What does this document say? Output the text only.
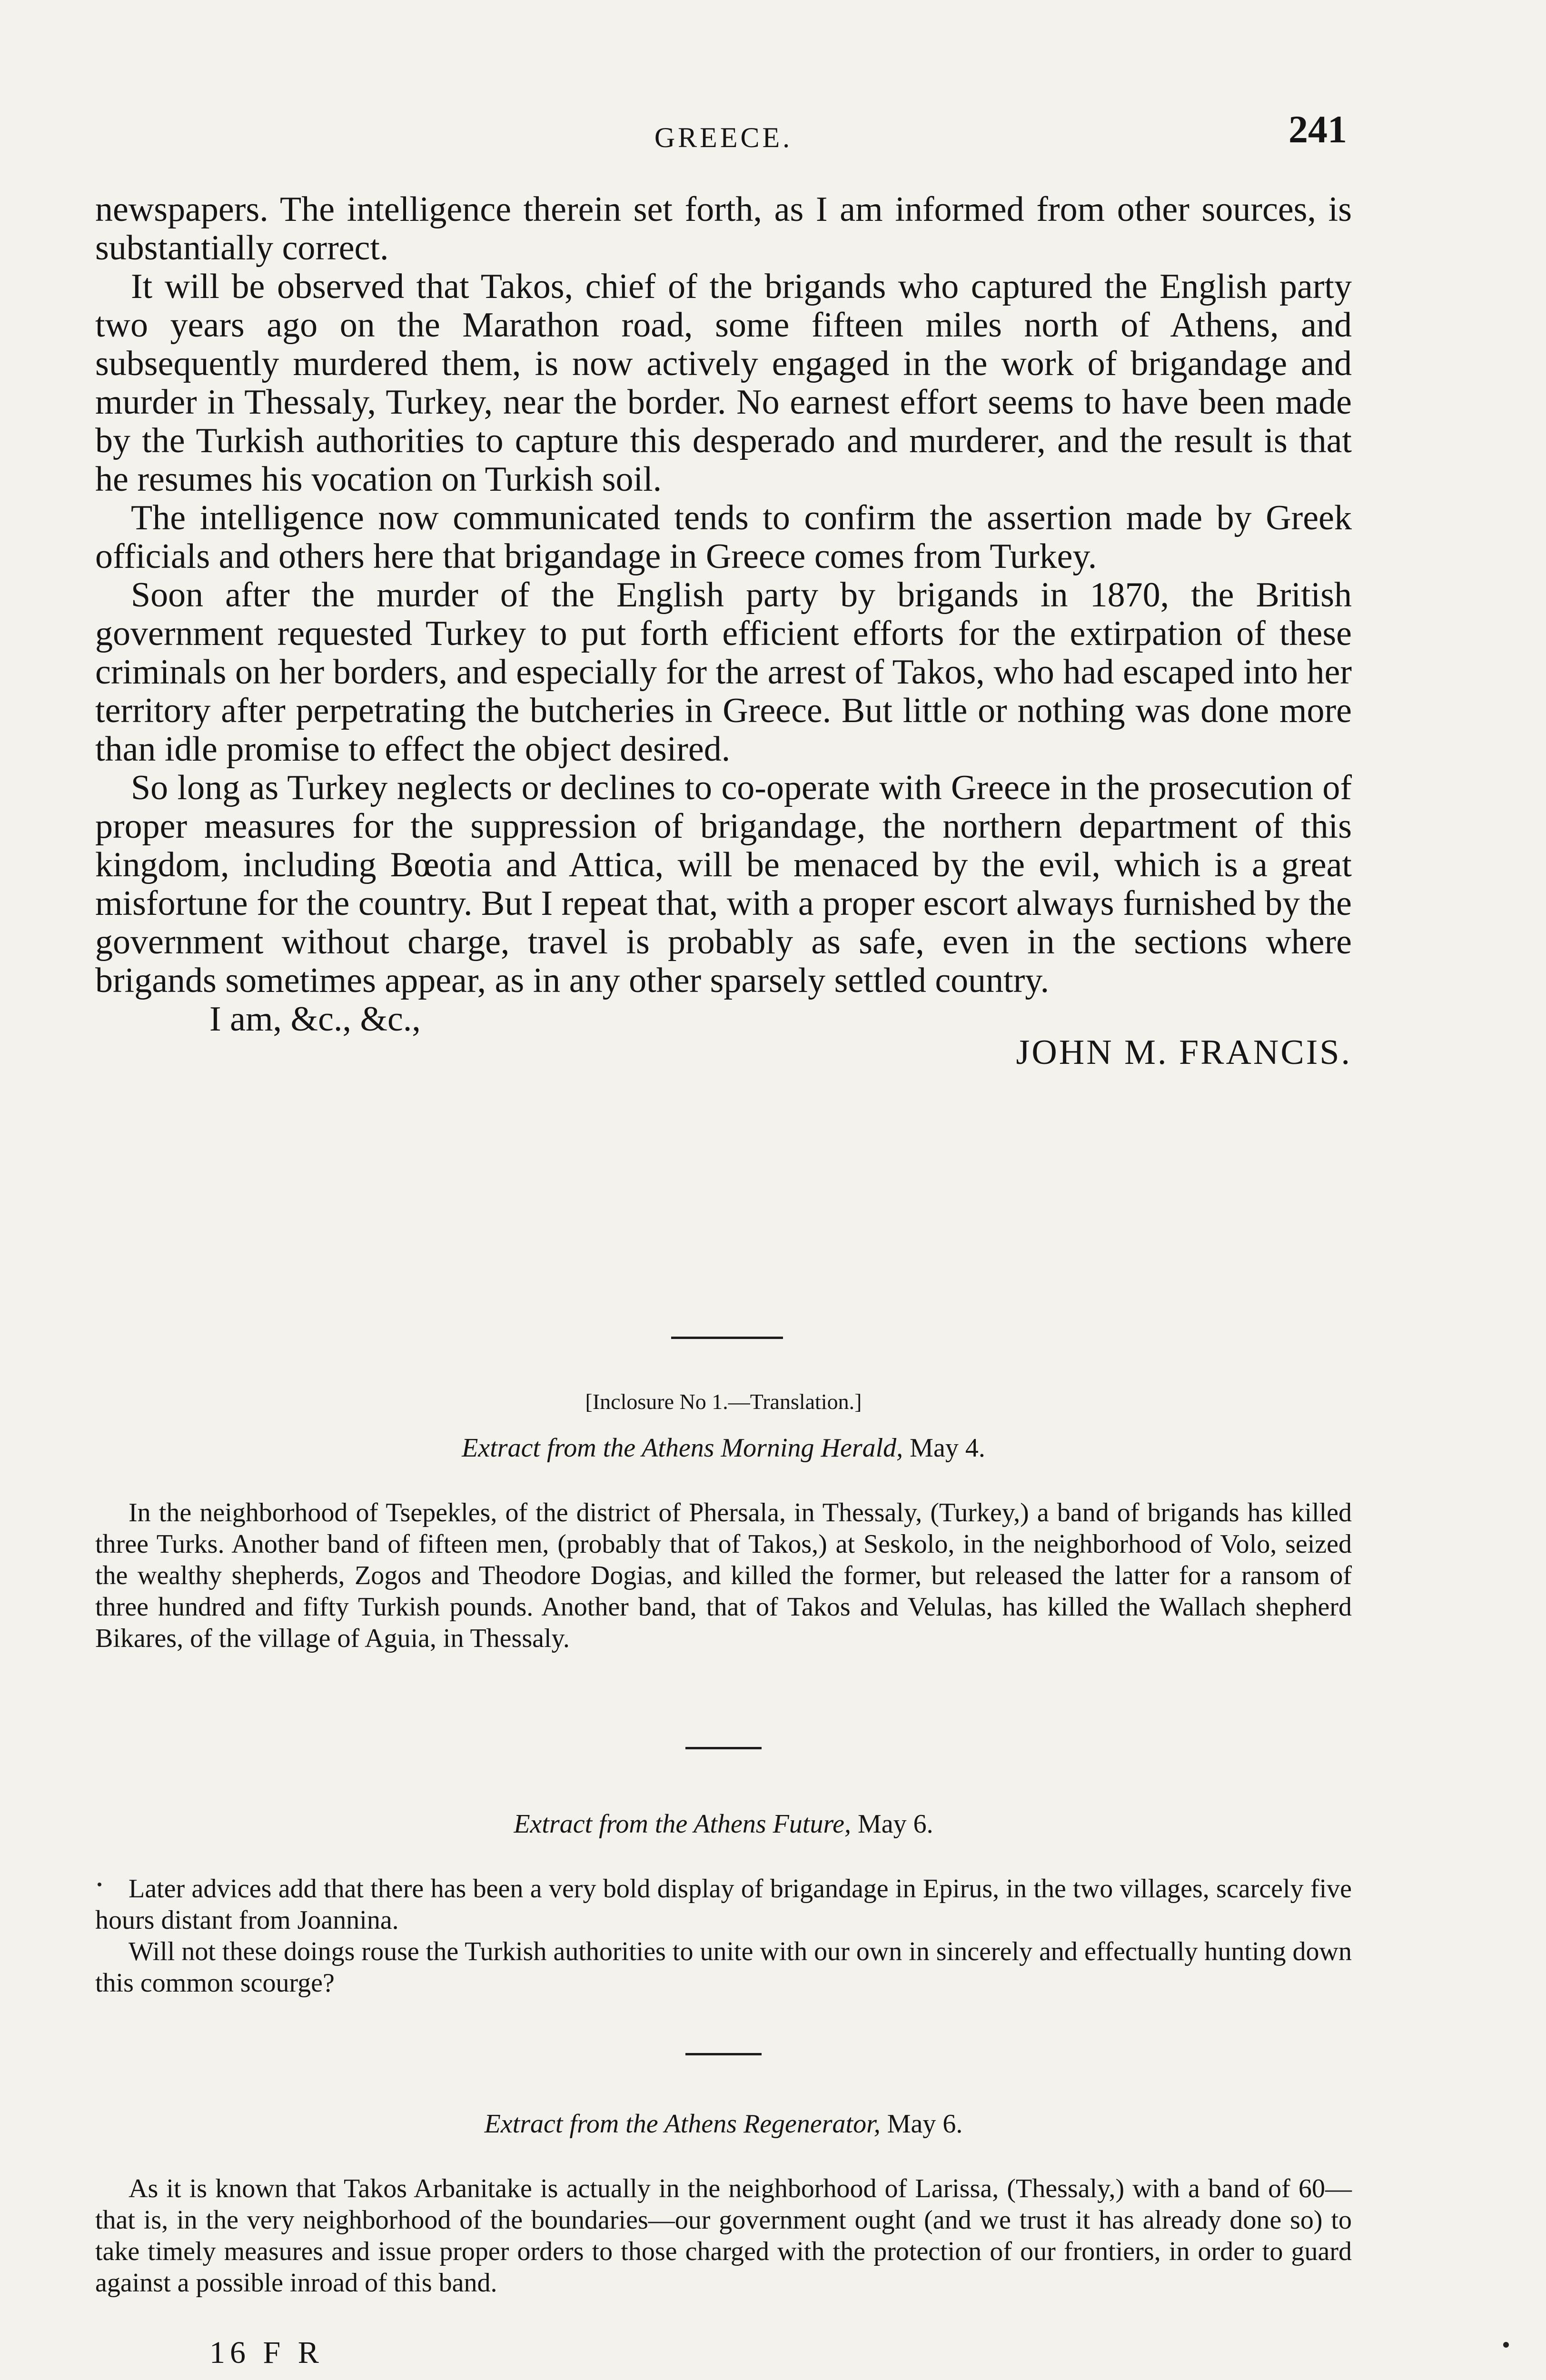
GREECE.	241

newspapers. The intelligence therein set forth, as I am informed from other sources, is substantially correct.

It will be observed that Takos, chief of the brigands who captured the English party two years ago on the Marathon road, some fifteen miles north of Athens, and subsequently murdered them, is now actively engaged in the work of brigandage and murder in Thessaly, Turkey, near the border. No earnest effort seems to have been made by the Turkish authorities to capture this desperado and murderer, and the result is that he resumes his vocation on Turkish soil.

The intelligence now communicated tends to confirm the assertion made by Greek officials and others here that brigandage in Greece comes from Turkey.

Soon after the murder of the English party by brigands in 1870, the British government requested Turkey to put forth efficient efforts for the extirpation of these criminals on her borders, and especially for the arrest of Takos, who had escaped into her territory after perpetrating the butcheries in Greece. But little or nothing was done more than idle promise to effect the object desired.

So long as Turkey neglects or declines to co-operate with Greece in the prosecution of proper measures for the suppression of brigandage, the northern department of this kingdom, including Bœotia and Attica, will be menaced by the evil, which is a great misfortune for the country. But I repeat that, with a proper escort always furnished by the government without charge, travel is probably as safe, even in the sections where brigands sometimes appear, as in any other sparsely settled country.

I am, &c., &c.,
JOHN M. FRANCIS.
[Inclosure No 1.—Translation.]
Extract from the Athens Morning Herald, May 4.

In the neighborhood of Tsepekles, of the district of Phersala, in Thessaly, (Turkey,) a band of brigands has killed three Turks. Another band of fifteen men, (probably that of Takos,) at Seskolo, in the neighborhood of Volo, seized the wealthy shepherds, Zogos and Theodore Dogias, and killed the former, but released the latter for a ransom of three hundred and fifty Turkish pounds. Another band, that of Takos and Velulas, has killed the Wallach shepherd Bikares, of the village of Aguia, in Thessaly.

Extract from the Athens Future, May 6.

Later advices add that there has been a very bold display of brigandage in Epirus, in the two villages, scarcely five hours distant from Joannina.

Will not these doings rouse the Turkish authorities to unite with our own in sincerely and effectually hunting down this common scourge?

Extract from the Athens Regenerator, May 6.

As it is known that Takos Arbanitake is actually in the neighborhood of Larissa, (Thessaly,) with a band of 60—that is, in the very neighborhood of the boundaries—our government ought (and we trust it has already done so) to take timely measures and issue proper orders to those charged with the protection of our frontiers, in order to guard against a possible inroad of this band.

16 F R
